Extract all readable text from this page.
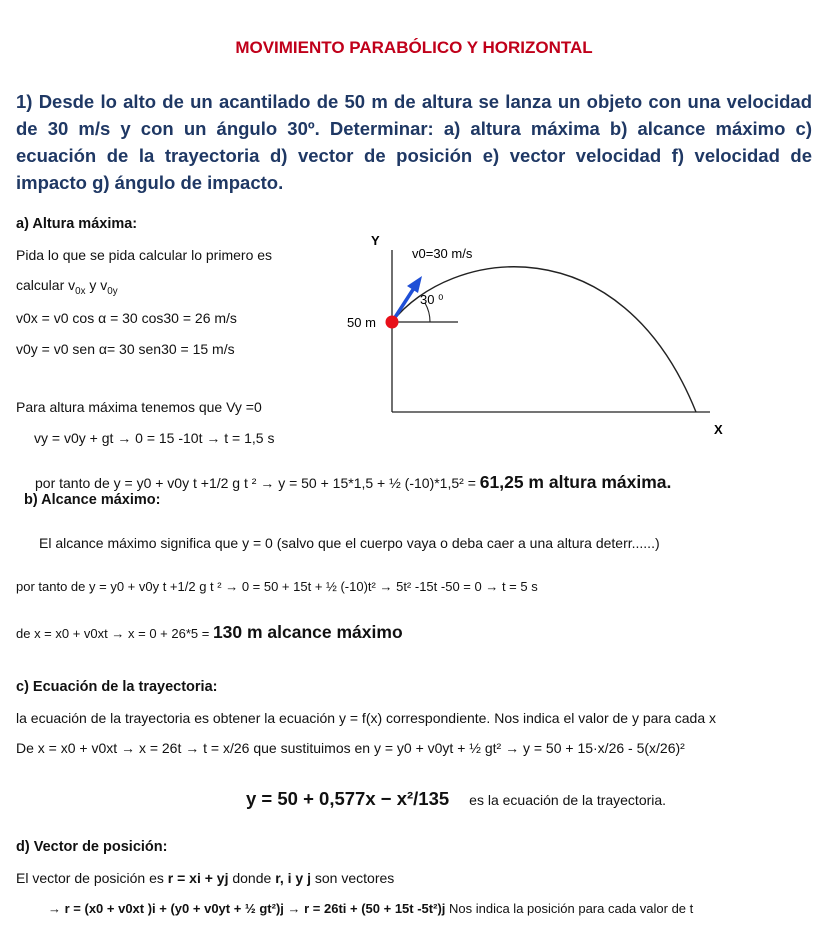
MOVIMIENTO PARABÓLICO Y HORIZONTAL
1) Desde lo alto de un acantilado de 50 m de altura se lanza un objeto con una velocidad de 30 m/s y con un ángulo 30º. Determinar: a) altura máxima b) alcance máximo c) ecuación de la trayectoria d) vector de posición e) vector velocidad f) velocidad de impacto g) ángulo de impacto.
a) Altura máxima:
Pida lo que se pida calcular lo primero es
calcular $v_{0x}$ y $v_{0y}$
v0x = v0 cos α = 30 cos30 = 26 m/s
v0y = v0 sen α= 30 sen30 = 15 m/s
Para altura máxima tenemos que Vy =0
vy = v0y + gt → 0 = 15 -10t → t = 1,5 s
por tanto de y = y0 + v0y t +1/2 g t ² → y = 50 + 15*1,5 + ½ (-10)*1,5² = 61,25 m altura máxima.
Y
X
v0=30 m/s
30 ⁰
50 m
b) Alcance máximo:
El alcance máximo significa que y = 0 (salvo que el cuerpo vaya o deba caer a una altura deterr......)
por tanto de y = y0 + v0y t +1/2 g t ² → 0 = 50 + 15t + ½ (-10)t² → 5t² -15t -50 = 0 → t = 5 s
de x = x0 + v0xt → x = 0 + 26*5 = 130 m alcance máximo
c) Ecuación de la trayectoria:
la ecuación de la trayectoria es obtener la ecuación y = f(x) correspondiente. Nos indica el valor de y para cada x
De x = x0 + v0xt → x = 26t → t = x/26 que sustituimos en y = y0 + v0yt + ½ gt² → y = 50 + 15·x/26 - 5(x/26)²
y = 50 + 0,577x − x²/135 es la ecuación de la trayectoria.
d) Vector de posición:
El vector de posición es r = xi + yj donde r, i y j son vectores
→ r = (x0 + v0xt )i + (y0 + v0yt + ½ gt²)j → r = 26ti + (50 + 15t -5t²)j Nos indica la posición para cada valor de t
